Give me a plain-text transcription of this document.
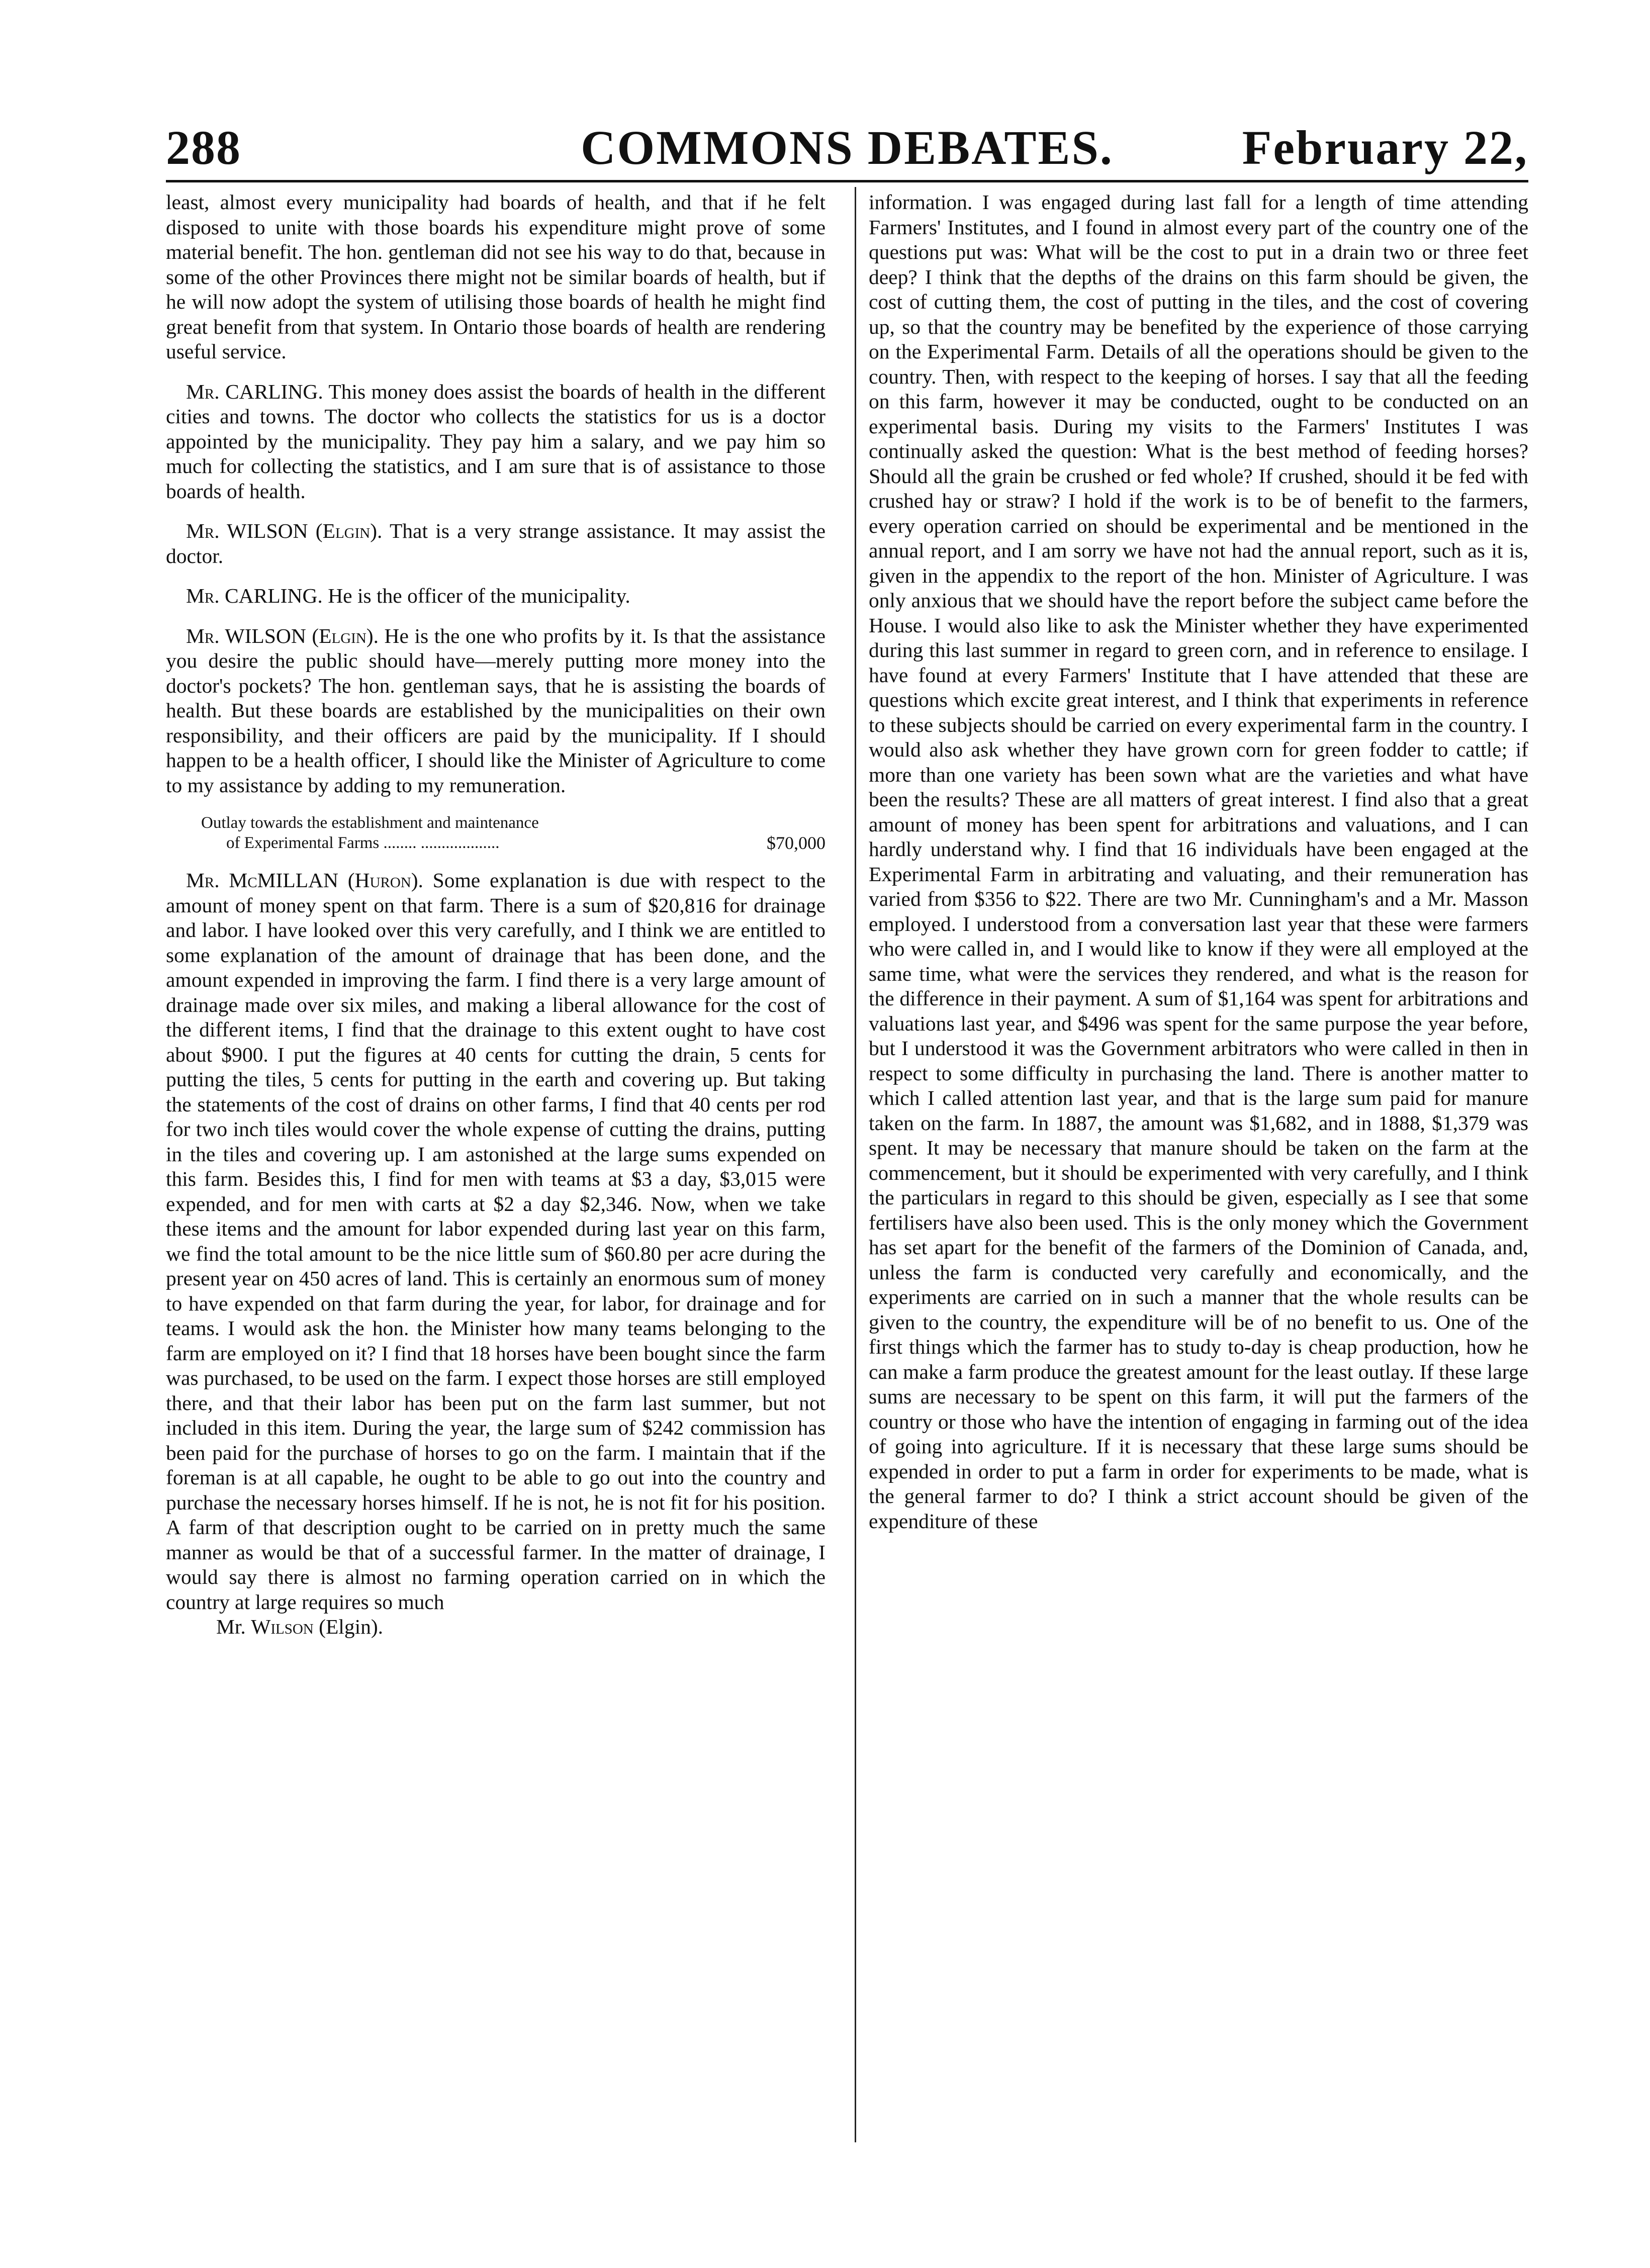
COMMONS DEBATES.
288	February 22,

least, almost every municipality had boards of health, and that if he felt disposed to unite with those boards his expenditure might prove of some material benefit. The hon. gentleman did not see his way to do that, because in some of the other Provinces there might not be similar boards of health, but if he will now adopt the system of utilising those boards of health he might find great benefit from that system. In Ontario those boards of health are rendering useful service.

Mr. CARLING. This money does assist the boards of health in the different cities and towns. The doctor who collects the statistics for us is a doctor appointed by the municipality. They pay him a salary, and we pay him so much for collecting the statistics, and I am sure that is of assistance to those boards of health.

Mr. WILSON (Elgin). That is a very strange assistance. It may assist the doctor.

Mr. CARLING. He is the officer of the municipality.

Mr. WILSON (Elgin). He is the one who profits by it. Is that the assistance you desire the public should have—merely putting more money into the doctor's pockets? The hon. gentleman says, that he is assisting the boards of health. But these boards are established by the municipalities on their own responsibility, and their officers are paid by the municipality. If I should happen to be a health officer, I should like the Minister of Agriculture to come to my assistance by adding to my remuneration.

Outlay towards the establishment and maintenance
of Experimental Farms ........ ...................	$70,000

Mr. McMILLAN (Huron). Some explanation is due with respect to the amount of money spent on that farm. There is a sum of $20,816 for drainage and labor. I have looked over this very carefully, and I think we are entitled to some explanation of the amount of drainage that has been done, and the amount expended in improving the farm. I find there is a very large amount of drainage made over six miles, and making a liberal allowance for the cost of the different items, I find that the drainage to this extent ought to have cost about $900. I put the figures at 40 cents for cutting the drain, 5 cents for putting the tiles, 5 cents for putting in the earth and covering up. But taking the statements of the cost of drains on other farms, I find that 40 cents per rod for two inch tiles would cover the whole expense of cutting the drains, putting in the tiles and covering up. I am astonished at the large sums expended on this farm. Besides this, I find for men with teams at $3 a day, $3,015 were expended, and for men with carts at $2 a day $2,346. Now, when we take these items and the amount for labor expended during last year on this farm, we find the total amount to be the nice little sum of $60.80 per acre during the present year on 450 acres of land. This is certainly an enormous sum of money to have expended on that farm during the year, for labor, for drainage and for teams. I would ask the hon. the Minister how many teams belonging to the farm are employed on it? I find that 18 horses have been bought since the farm was purchased, to be used on the farm. I expect those horses are still employed there, and that their labor has been put on the farm last summer, but not included in this item. During the year, the large sum of $242 commission has been paid for the purchase of horses to go on the farm. I maintain that if the foreman is at all capable, he ought to be able to go out into the country and purchase the necessary horses himself. If he is not, he is not fit for his position. A farm of that description ought to be carried on in pretty much the same manner as would be that of a successful farmer. In the matter of drainage, I would say there is almost no farming operation carried on in which the country at large requires so much

Mr. Wilson (Elgin).

information. I was engaged during last fall for a length of time attending Farmers' Institutes, and I found in almost every part of the country one of the questions put was: What will be the cost to put in a drain two or three feet deep? I think that the depths of the drains on this farm should be given, the cost of cutting them, the cost of putting in the tiles, and the cost of covering up, so that the country may be benefited by the experience of those carrying on the Experimental Farm. Details of all the operations should be given to the country. Then, with respect to the keeping of horses. I say that all the feeding on this farm, however it may be conducted, ought to be conducted on an experimental basis. During my visits to the Farmers' Institutes I was continually asked the question: What is the best method of feeding horses? Should all the grain be crushed or fed whole? If crushed, should it be fed with crushed hay or straw? I hold if the work is to be of benefit to the farmers, every operation carried on should be experimental and be mentioned in the annual report, and I am sorry we have not had the annual report, such as it is, given in the appendix to the report of the hon. Minister of Agriculture. I was only anxious that we should have the report before the subject came before the House. I would also like to ask the Minister whether they have experimented during this last summer in regard to green corn, and in reference to ensilage. I have found at every Farmers' Institute that I have attended that these are questions which excite great interest, and I think that experiments in reference to these subjects should be carried on every experimental farm in the country. I would also ask whether they have grown corn for green fodder to cattle; if more than one variety has been sown what are the varieties and what have been the results? These are all matters of great interest. I find also that a great amount of money has been spent for arbitrations and valuations, and I can hardly understand why. I find that 16 individuals have been engaged at the Experimental Farm in arbitrating and valuating, and their remuneration has varied from $356 to $22. There are two Mr. Cunningham's and a Mr. Masson employed. I understood from a conversation last year that these were farmers who were called in, and I would like to know if they were all employed at the same time, what were the services they rendered, and what is the reason for the difference in their payment. A sum of $1,164 was spent for arbitrations and valuations last year, and $496 was spent for the same purpose the year before, but I understood it was the Government arbitrators who were called in then in respect to some difficulty in purchasing the land. There is another matter to which I called attention last year, and that is the large sum paid for manure taken on the farm. In 1887, the amount was $1,682, and in 1888, $1,379 was spent. It may be necessary that manure should be taken on the farm at the commencement, but it should be experimented with very carefully, and I think the particulars in regard to this should be given, especially as I see that some fertilisers have also been used. This is the only money which the Government has set apart for the benefit of the farmers of the Dominion of Canada, and, unless the farm is conducted very carefully and economically, and the experiments are carried on in such a manner that the whole results can be given to the country, the expenditure will be of no benefit to us. One of the first things which the farmer has to study to-day is cheap production, how he can make a farm produce the greatest amount for the least outlay. If these large sums are necessary to be spent on this farm, it will put the farmers of the country or those who have the intention of engaging in farming out of the idea of going into agriculture. If it is necessary that these large sums should be expended in order to put a farm in order for experiments to be made, what is the general farmer to do? I think a strict account should be given of the expenditure of these
